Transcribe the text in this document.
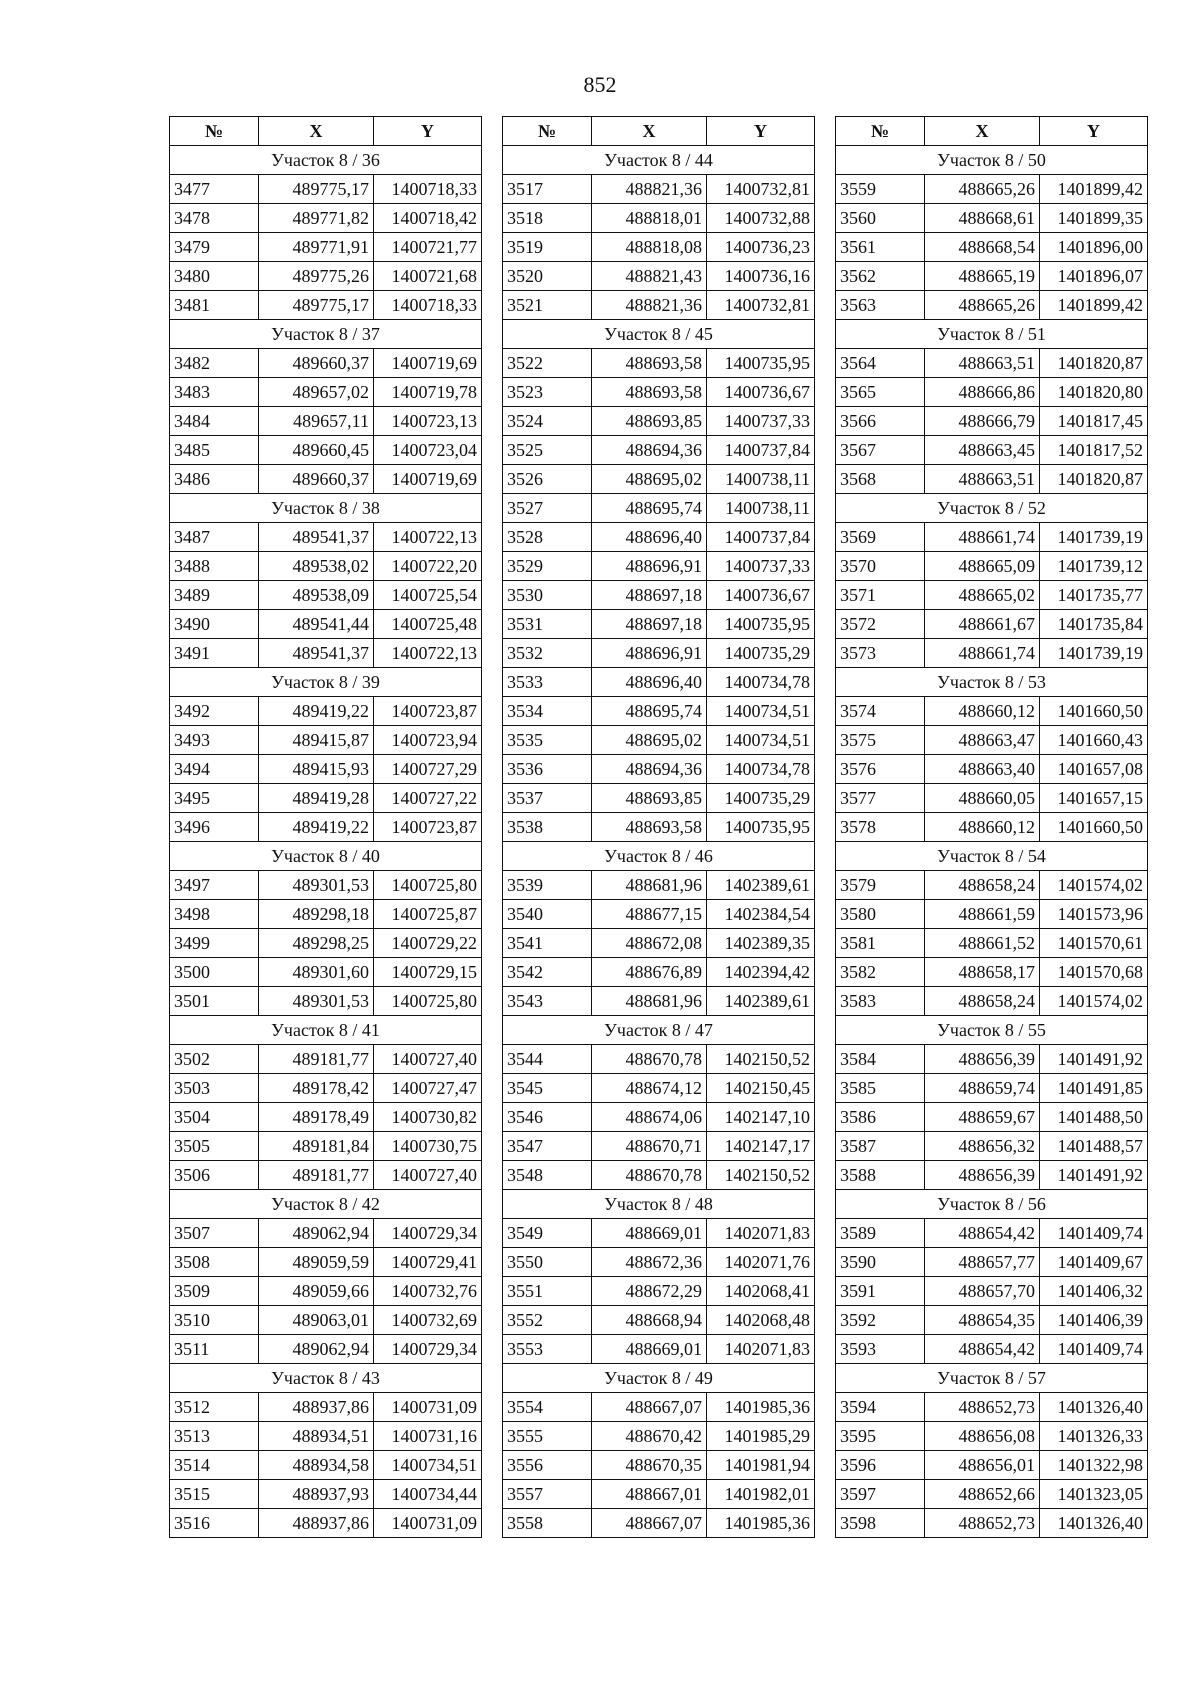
852
№	X	Y
Участок 8 / 36		
3477	489775,17	1400718,33
3478	489771,82	1400718,42
3479	489771,91	1400721,77
3480	489775,26	1400721,68
3481	489775,17	1400718,33
Участок 8 / 37		
3482	489660,37	1400719,69
3483	489657,02	1400719,78
3484	489657,11	1400723,13
3485	489660,45	1400723,04
3486	489660,37	1400719,69
Участок 8 / 38		
3487	489541,37	1400722,13
3488	489538,02	1400722,20
3489	489538,09	1400725,54
3490	489541,44	1400725,48
3491	489541,37	1400722,13
Участок 8 / 39		
3492	489419,22	1400723,87
3493	489415,87	1400723,94
3494	489415,93	1400727,29
3495	489419,28	1400727,22
3496	489419,22	1400723,87
Участок 8 / 40		
3497	489301,53	1400725,80
3498	489298,18	1400725,87
3499	489298,25	1400729,22
3500	489301,60	1400729,15
3501	489301,53	1400725,80
Участок 8 / 41		
3502	489181,77	1400727,40
3503	489178,42	1400727,47
3504	489178,49	1400730,82
3505	489181,84	1400730,75
3506	489181,77	1400727,40
Участок 8 / 42		
3507	489062,94	1400729,34
3508	489059,59	1400729,41
3509	489059,66	1400732,76
3510	489063,01	1400732,69
3511	489062,94	1400729,34
Участок 8 / 43		
3512	488937,86	1400731,09
3513	488934,51	1400731,16
3514	488934,58	1400734,51
3515	488937,93	1400734,44
3516	488937,86	1400731,09
№	X	Y
Участок 8 / 44		
3517	488821,36	1400732,81
3518	488818,01	1400732,88
3519	488818,08	1400736,23
3520	488821,43	1400736,16
3521	488821,36	1400732,81
Участок 8 / 45		
3522	488693,58	1400735,95
3523	488693,58	1400736,67
3524	488693,85	1400737,33
3525	488694,36	1400737,84
3526	488695,02	1400738,11
3527	488695,74	1400738,11
3528	488696,40	1400737,84
3529	488696,91	1400737,33
3530	488697,18	1400736,67
3531	488697,18	1400735,95
3532	488696,91	1400735,29
3533	488696,40	1400734,78
3534	488695,74	1400734,51
3535	488695,02	1400734,51
3536	488694,36	1400734,78
3537	488693,85	1400735,29
3538	488693,58	1400735,95
Участок 8 / 46		
3539	488681,96	1402389,61
3540	488677,15	1402384,54
3541	488672,08	1402389,35
3542	488676,89	1402394,42
3543	488681,96	1402389,61
Участок 8 / 47		
3544	488670,78	1402150,52
3545	488674,12	1402150,45
3546	488674,06	1402147,10
3547	488670,71	1402147,17
3548	488670,78	1402150,52
Участок 8 / 48		
3549	488669,01	1402071,83
3550	488672,36	1402071,76
3551	488672,29	1402068,41
3552	488668,94	1402068,48
3553	488669,01	1402071,83
Участок 8 / 49		
3554	488667,07	1401985,36
3555	488670,42	1401985,29
3556	488670,35	1401981,94
3557	488667,01	1401982,01
3558	488667,07	1401985,36
№	X	Y
Участок 8 / 50		
3559	488665,26	1401899,42
3560	488668,61	1401899,35
3561	488668,54	1401896,00
3562	488665,19	1401896,07
3563	488665,26	1401899,42
Участок 8 / 51		
3564	488663,51	1401820,87
3565	488666,86	1401820,80
3566	488666,79	1401817,45
3567	488663,45	1401817,52
3568	488663,51	1401820,87
Участок 8 / 52		
3569	488661,74	1401739,19
3570	488665,09	1401739,12
3571	488665,02	1401735,77
3572	488661,67	1401735,84
3573	488661,74	1401739,19
Участок 8 / 53		
3574	488660,12	1401660,50
3575	488663,47	1401660,43
3576	488663,40	1401657,08
3577	488660,05	1401657,15
3578	488660,12	1401660,50
Участок 8 / 54		
3579	488658,24	1401574,02
3580	488661,59	1401573,96
3581	488661,52	1401570,61
3582	488658,17	1401570,68
3583	488658,24	1401574,02
Участок 8 / 55		
3584	488656,39	1401491,92
3585	488659,74	1401491,85
3586	488659,67	1401488,50
3587	488656,32	1401488,57
3588	488656,39	1401491,92
Участок 8 / 56		
3589	488654,42	1401409,74
3590	488657,77	1401409,67
3591	488657,70	1401406,32
3592	488654,35	1401406,39
3593	488654,42	1401409,74
Участок 8 / 57		
3594	488652,73	1401326,40
3595	488656,08	1401326,33
3596	488656,01	1401322,98
3597	488652,66	1401323,05
3598	488652,73	1401326,40
